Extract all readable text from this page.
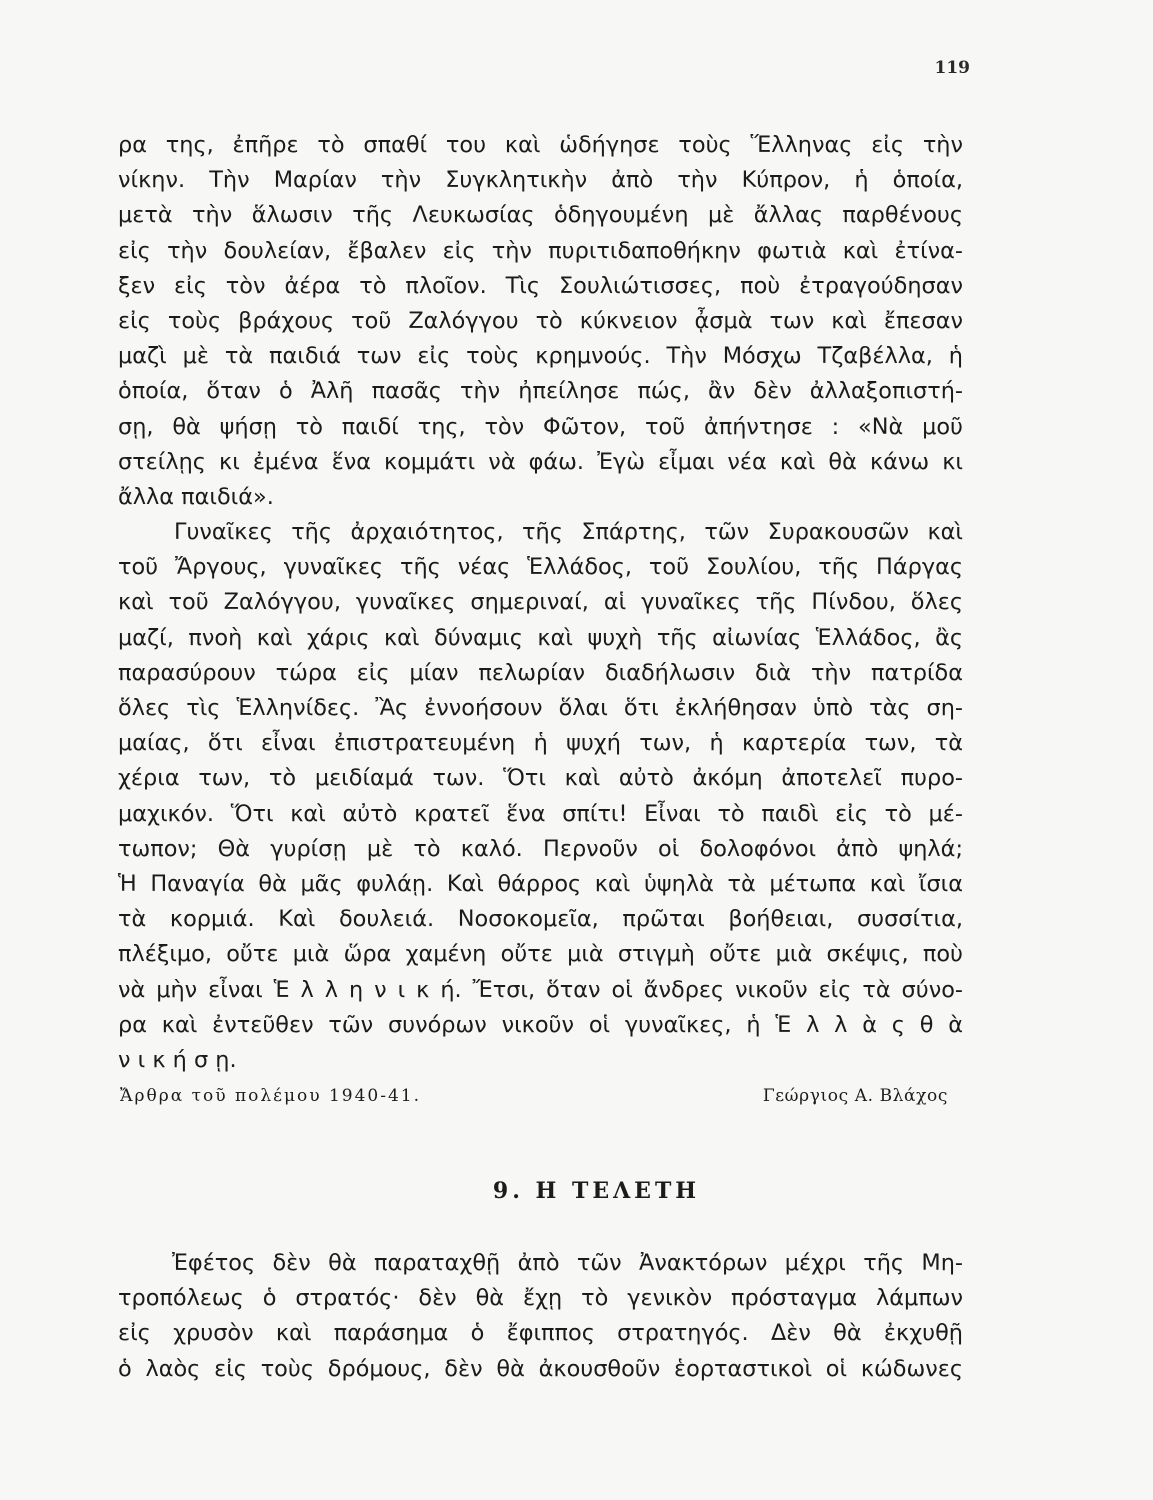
119
ρα της, ἐπῆρε τὸ σπαθί του καὶ ὡδήγησε τοὺς Ἕλληνας εἰς τὴν
νίκην. Τὴν Μαρίαν τὴν Συγκλητικὴν ἀπὸ τὴν Κύπρον, ἡ ὁποία,
μετὰ τὴν ἅλωσιν τῆς Λευκωσίας ὁδηγουμένη μὲ ἄλλας παρθένους
εἰς τὴν δουλείαν, ἔβαλεν εἰς τὴν πυριτιδαποθήκην φωτιὰ καὶ ἐτίνα-
ξεν εἰς τὸν ἀέρα τὸ πλοῖον. Τὶς Σουλιώτισσες, ποὺ ἐτραγούδησαν
εἰς τοὺς βράχους τοῦ Ζαλόγγου τὸ κύκνειον ᾆσμὰ των καὶ ἔπεσαν
μαζὶ μὲ τὰ παιδιά των εἰς τοὺς κρημνούς. Τὴν Μόσχω Τζαβέλλα, ἡ
ὁποία, ὅταν ὁ Ἀλῆ πασᾶς τὴν ἠπείλησε πώς, ἂν δὲν ἀλλαξοπιστή-
σῃ, θὰ ψήσῃ τὸ παιδί της, τὸν Φῶτον, τοῦ ἀπήντησε : «Νὰ μοῦ
στείλῃς κι ἐμένα ἕνα κομμάτι νὰ φάω. Ἐγὼ εἶμαι νέα καὶ θὰ κάνω κι
ἄλλα παιδιά».
Γυναῖκες τῆς ἀρχαιότητος, τῆς Σπάρτης, τῶν Συρακουσῶν καὶ
τοῦ Ἄργους, γυναῖκες τῆς νέας Ἑλλάδος, τοῦ Σουλίου, τῆς Πάργας
καὶ τοῦ Ζαλόγγου, γυναῖκες σημεριναί, αἱ γυναῖκες τῆς Πίνδου, ὅλες
μαζί, πνοὴ καὶ χάρις καὶ δύναμις καὶ ψυχὴ τῆς αἰωνίας Ἑλλάδος, ἂς
παρασύρουν τώρα εἰς μίαν πελωρίαν διαδήλωσιν διὰ τὴν πατρίδα
ὅλες τὶς Ἑλληνίδες. Ἂς ἐννοήσουν ὅλαι ὅτι ἐκλήθησαν ὑπὸ τὰς ση-
μαίας, ὅτι εἶναι ἐπιστρατευμένη ἡ ψυχή των, ἡ καρτερία των, τὰ
χέρια των, τὸ μειδίαμά των. Ὅτι καὶ αὐτὸ ἀκόμη ἀποτελεῖ πυρο-
μαχικόν. Ὅτι καὶ αὐτὸ κρατεῖ ἕνα σπίτι! Εἶναι τὸ παιδὶ εἰς τὸ μέ-
τωπον; Θὰ γυρίσῃ μὲ τὸ καλό. Περνοῦν οἱ δολοφόνοι ἀπὸ ψηλά;
Ἡ Παναγία θὰ μᾶς φυλάῃ. Καὶ θάρρος καὶ ὑψηλὰ τὰ μέτωπα καὶ ἴσια
τὰ κορμιά. Καὶ δουλειά. Νοσοκομεῖα, πρῶται βοήθειαι, συσσίτια,
πλέξιμο, οὔτε μιὰ ὥρα χαμένη οὔτε μιὰ στιγμὴ οὔτε μιὰ σκέψις, ποὺ
νὰ μὴν εἶναι Ἑ λ λ η ν ι κ ή. Ἔτσι, ὅταν οἱ ἄνδρες νικοῦν εἰς τὰ σύνο-
ρα καὶ ἐντεῦθεν τῶν συνόρων νικοῦν οἱ γυναῖκες, ἡ Ἑ λ λ ὰ ς θ ὰ
ν ι κ ή σ ῃ.
Ἄρθρα τοῦ πολέμου 1940-41.	Γεώργιος Α. Βλάχος
9. Η ΤΕΛΕΤΗ
Ἐφέτος δὲν θὰ παραταχθῇ ἀπὸ τῶν Ἀνακτόρων μέχρι τῆς Μη-
τροπόλεως ὁ στρατός· δὲν θὰ ἔχῃ τὸ γενικὸν πρόσταγμα λάμπων
εἰς χρυσὸν καὶ παράσημα ὁ ἔφιππος στρατηγός. Δὲν θὰ ἐκχυθῇ
ὁ λαὸς εἰς τοὺς δρόμους, δὲν θὰ ἀκουσθοῦν ἑορταστικοὶ οἱ κώδωνες
